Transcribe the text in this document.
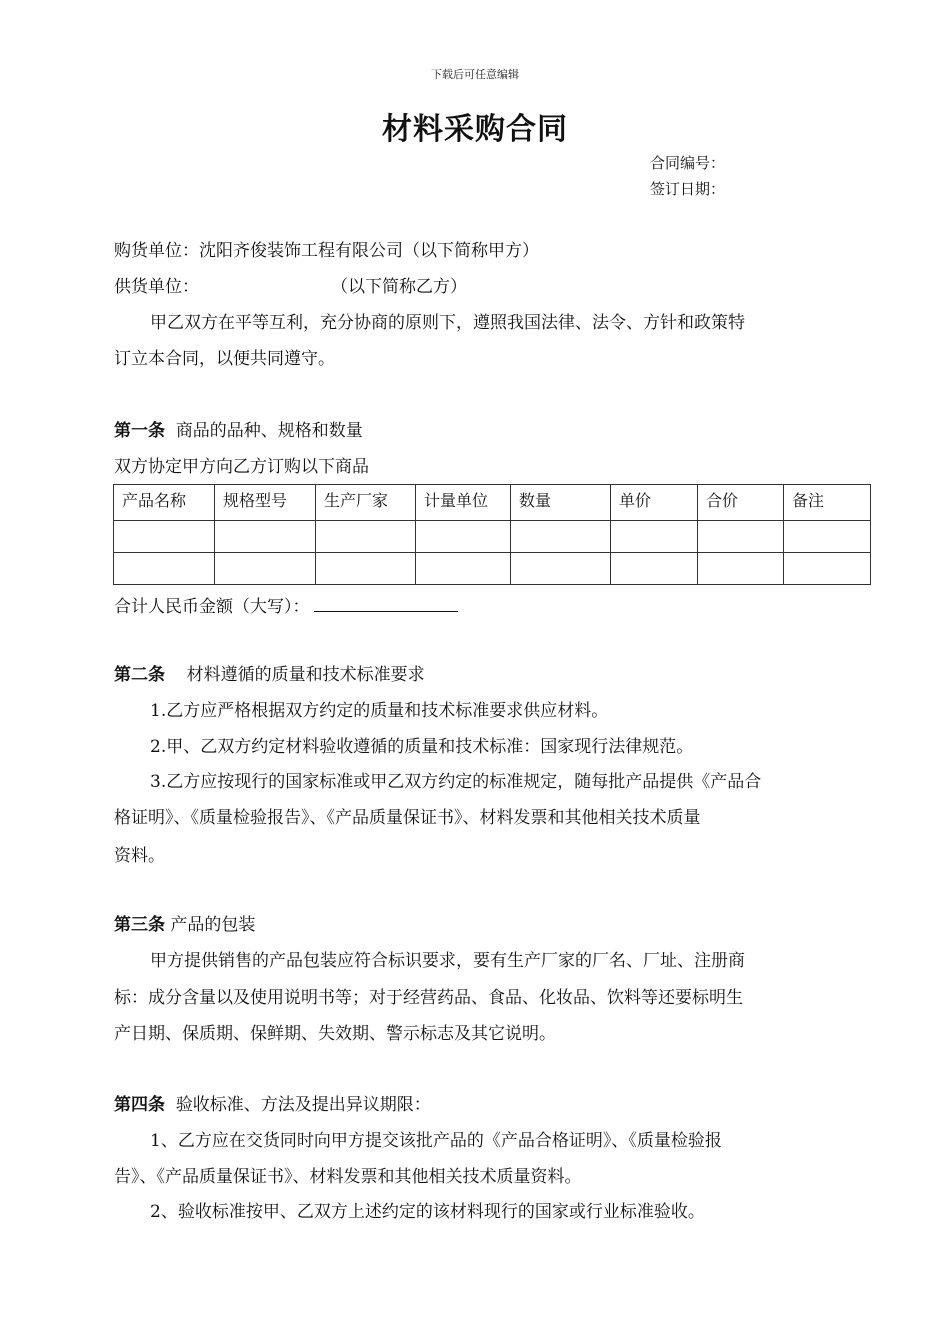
下载后可任意编辑
材料采购合同
合同编号：
签订日期：
购货单位：沈阳齐俊装饰工程有限公司（以下简称甲方）
供货单位：	（以下简称乙方）
甲乙双方在平等互利，充分协商的原则下，遵照我国法律、法令、方针和政策特
订立本合同，以便共同遵守。
第一条 商品的品种、规格和数量
双方协定甲方向乙方订购以下商品
产品名称	规格型号	生产厂家	计量单位	数量	单价	合价	备注

合计人民币金额（大写）：
第二条 材料遵循的质量和技术标准要求
1.乙方应严格根据双方约定的质量和技术标准要求供应材料。
2.甲、乙双方约定材料验收遵循的质量和技术标准：国家现行法律规范。
3.乙方应按现行的国家标准或甲乙双方约定的标准规定，随每批产品提供《产品合
格证明》、《质量检验报告》、《产品质量保证书》、材料发票和其他相关技术质量
资料。
第三条 产品的包装
甲方提供销售的产品包装应符合标识要求，要有生产厂家的厂名、厂址、注册商
标：成分含量以及使用说明书等；对于经营药品、食品、化妆品、饮料等还要标明生
产日期、保质期、保鲜期、失效期、警示标志及其它说明。
第四条 验收标准、方法及提出异议期限：
1、乙方应在交货同时向甲方提交该批产品的《产品合格证明》、《质量检验报
告》、《产品质量保证书》、材料发票和其他相关技术质量资料。
2、验收标准按甲、乙双方上述约定的该材料现行的国家或行业标准验收。
